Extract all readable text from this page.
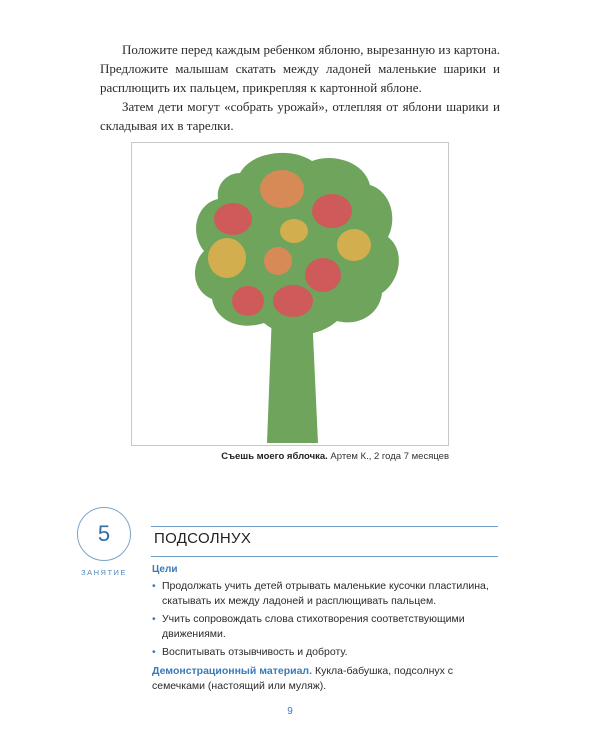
Положите перед каждым ребенком яблоню, вырезанную из картона. Предложите малышам скатать между ладоней маленькие шарики и расплющить их пальцем, прикрепляя к картонной яблоне.

Затем дети могут «собрать урожай», отлепляя от яблони шарики и складывая их в тарелки.

Съешь моего яблочка. Артем К., 2 года 7 месяцев
5
ЗАНЯТИЕ
ПОДСОЛНУХ
Цели
• Продолжать учить детей отрывать маленькие кусочки пластилина, скатывать их между ладоней и расплющивать пальцем.
• Учить сопровождать слова стихотворения соответствующими движениями.
• Воспитывать отзывчивость и доброту.
Демонстрационный материал. Кукла-бабушка, подсолнух с семечками (настоящий или муляж).
9
